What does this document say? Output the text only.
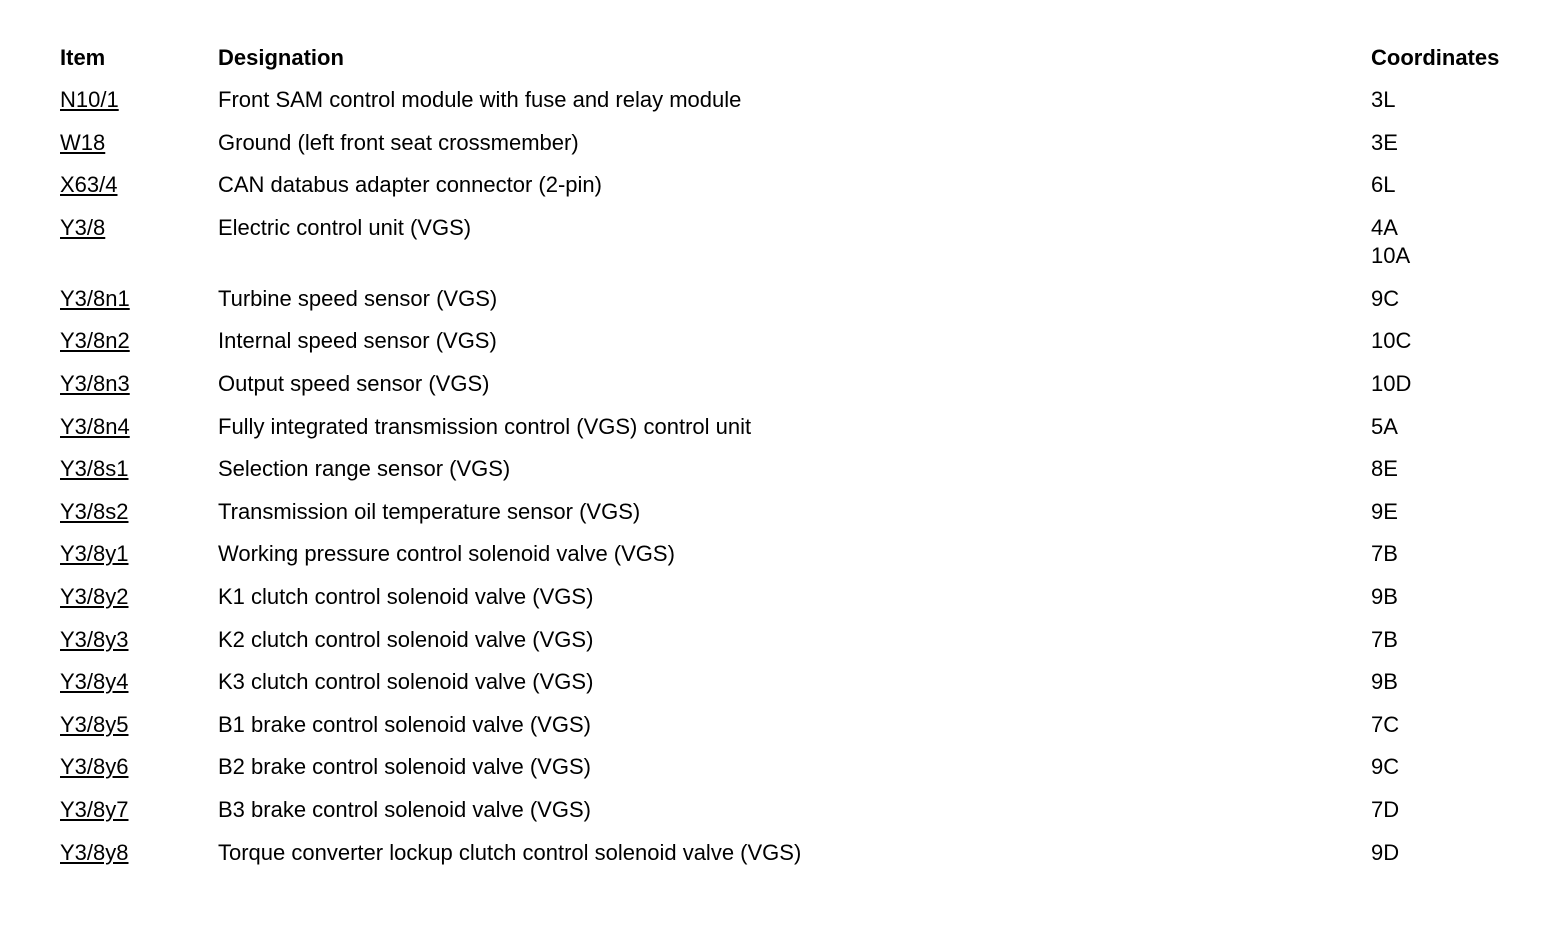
Item	Designation	Coordinates
N10/1	Front SAM control module with fuse and relay module	3L
W18	Ground (left front seat crossmember)	3E
X63/4	CAN databus adapter connector (2-pin)	6L
Y3/8	Electric control unit (VGS)	4A
10A
Y3/8n1	Turbine speed sensor (VGS)	9C
Y3/8n2	Internal speed sensor (VGS)	10C
Y3/8n3	Output speed sensor (VGS)	10D
Y3/8n4	Fully integrated transmission control (VGS) control unit	5A
Y3/8s1	Selection range sensor (VGS)	8E
Y3/8s2	Transmission oil temperature sensor (VGS)	9E
Y3/8y1	Working pressure control solenoid valve (VGS)	7B
Y3/8y2	K1 clutch control solenoid valve (VGS)	9B
Y3/8y3	K2 clutch control solenoid valve (VGS)	7B
Y3/8y4	K3 clutch control solenoid valve (VGS)	9B
Y3/8y5	B1 brake control solenoid valve (VGS)	7C
Y3/8y6	B2 brake control solenoid valve (VGS)	9C
Y3/8y7	B3 brake control solenoid valve (VGS)	7D
Y3/8y8	Torque converter lockup clutch control solenoid valve (VGS)	9D
